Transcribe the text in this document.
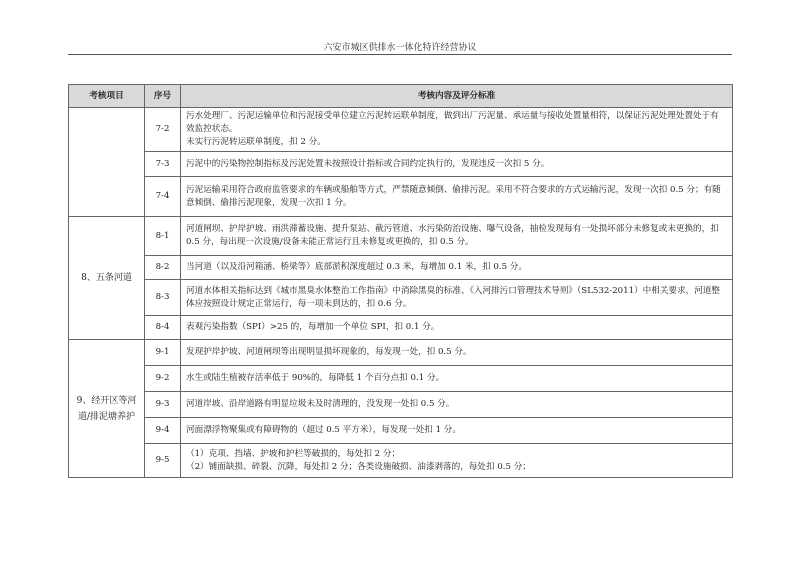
六安市城区供排水一体化特许经营协议
考核项目	序号	考核内容及评分标准
	7-2	污水处理厂、污泥运输单位和污泥接受单位建立污泥转运联单制度，做到出厂污泥量、承运量与接收处置量相符，以保证污泥处理处置处于有效监控状态。
未实行污泥转运联单制度，扣 2 分。

	7-3	污泥中的污染物控制指标及污泥处置未按照设计指标或合同约定执行的，发现违反一次扣 5 分。

	7-4	污泥运输采用符合政府监管要求的车辆或船舶等方式，严禁随意倾倒、偷排污泥。采用不符合要求的方式运输污泥，发现一次扣 0.5 分；有随意倾倒、偷排污泥现象，发现一次扣 1 分。

8、五条河道	8-1	河道闸坝、护岸护坡、雨洪滞蓄设施、提升泵站、截污管道、水污染防治设施、曝气设备，抽检发现每有一处损坏部分未修复或未更换的，扣 0.5 分，每出现一次设施/设备未能正常运行且未修复或更换的，扣 0.5 分。

	8-2	当河道（以及沿河箱涵、桥梁等）底部淤积深度超过 0.3 米，每增加 0.1 米，扣 0.5 分。

	8-3	河道水体相关指标达到《城市黑臭水体整治工作指南》中消除黑臭的标准、《入河排污口管理技术导则》（SL532-2011）中相关要求，河道整体应按照设计规定正常运行，每一项未到达的，扣 0.6 分。

	8-4	表观污染指数（SPI）>25 的，每增加一个单位 SPI，扣 0.1 分。

9、经开区等河道/排泥塘养护	9-1	发现护岸护坡、河道闸坝等出现明显损坏现象的，每发现一处，扣 0.5 分。

	9-2	水生或陆生植被存活率低于 90%的，每降低 1 个百分点扣 0.1 分。

	9-3	河道岸坡、沿岸道路有明显垃圾未及时清理的，没发现一处扣 0.5 分。

	9-4	河面漂浮物聚集或有障碍物的（超过 0.5 平方米），每发现一处扣 1 分。

	9-5	（1）克项、挡墙、护坡和护栏等破损的，每处扣 2 分；
（2）铺面缺损、碎裂、沉降，每处扣 2 分；各类设施破损、油漆剥落的，每处扣 0.5 分；
